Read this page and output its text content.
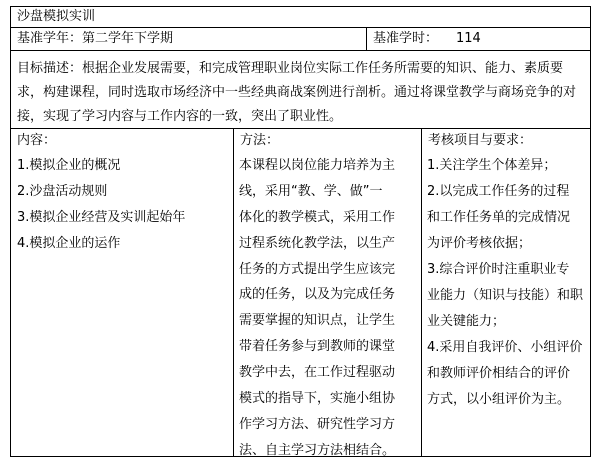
沙盘模拟实训
基准学年：第二学年下学期	基准学时： 114
目标描述：根据企业发展需要，和完成管理职业岗位实际工作任务所需要的知识、能力、素质要求，构建课程，同时选取市场经济中一些经典商战案例进行剖析。通过将课堂教学与商场竞争的对接，实现了学习内容与工作内容的一致，突出了职业性。
内容：
1.模拟企业的概况
2.沙盘活动规则
3.模拟企业经营及实训起始年
4.模拟企业的运作
方法：
本课程以岗位能力培养为主
线，采用“教、学、做”一
体化的教学模式，采用工作
过程系统化教学法，以生产
任务的方式提出学生应该完
成的任务，以及为完成任务
需要掌握的知识点，让学生
带着任务参与到教师的课堂
教学中去，在工作过程驱动
模式的指导下，实施小组协
作学习方法、研究性学习方
法、自主学习方法相结合。
考核项目与要求：
1.关注学生个体差异；
2.以完成工作任务的过程
和工作任务单的完成情况
为评价考核依据；
3.综合评价时注重职业专
业能力（知识与技能）和职
业关键能力；
4.采用自我评价、小组评价
和教师评价相结合的评价
方式，以小组评价为主。
